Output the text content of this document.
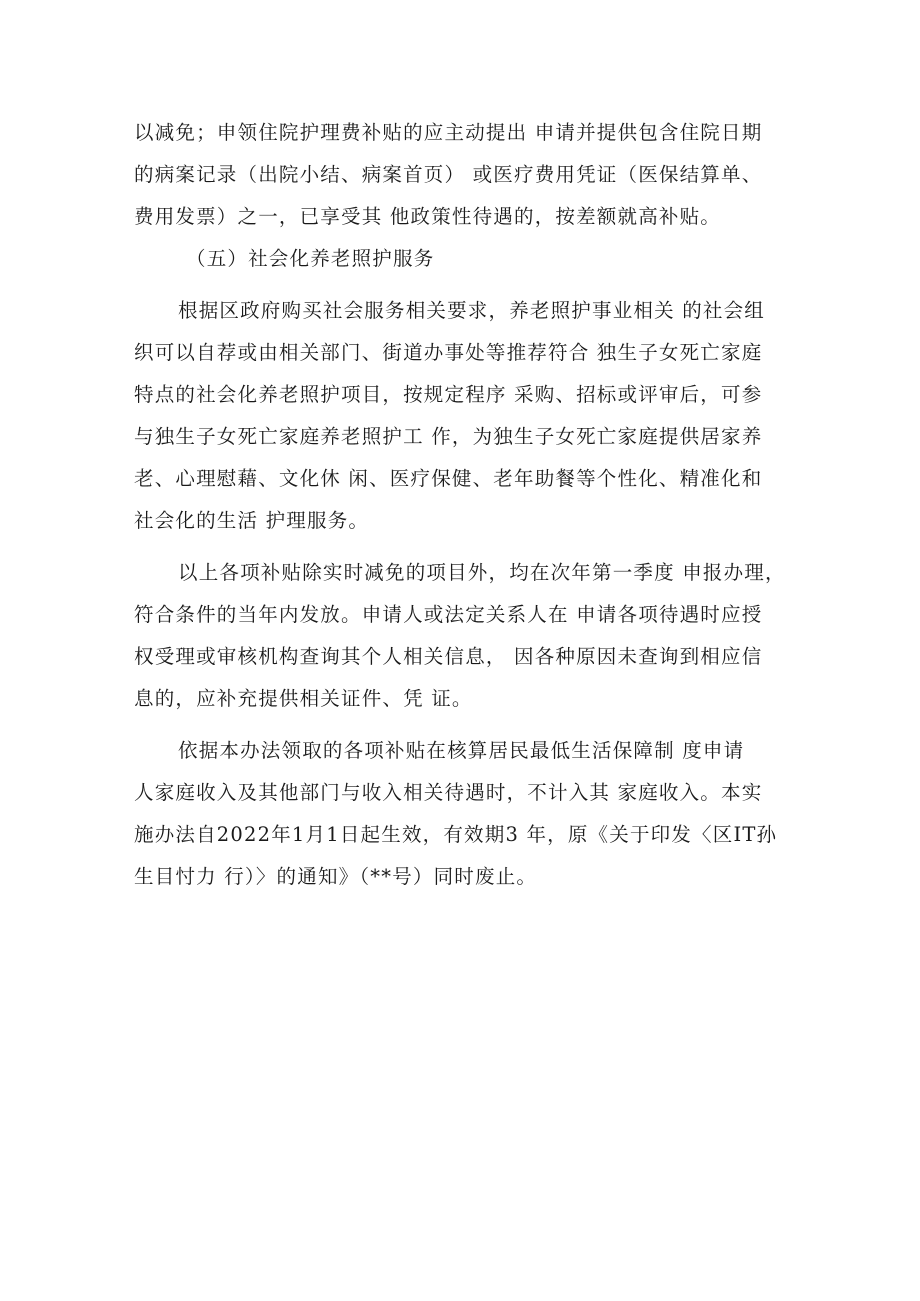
以减免；申领住院护理费补贴的应主动提出 申请并提供包含住院日期

的病案记录（出院小结、病案首页） 或医疗费用凭证（医保结算单、

费用发票）之一，已享受其 他政策性待遇的，按差额就高补贴。

（五）社会化养老照护服务

根据区政府购买社会服务相关要求，养老照护事业相关 的社会组

织可以自荐或由相关部门、街道办事处等推荐符合 独生子女死亡家庭

特点的社会化养老照护项目，按规定程序 采购、招标或评审后，可参

与独生子女死亡家庭养老照护工 作，为独生子女死亡家庭提供居家养

老、心理慰藉、文化休 闲、医疗保健、老年助餐等个性化、精准化和

社会化的生活 护理服务。

以上各项补贴除实时减免的项目外，均在次年第一季度 申报办理，

符合条件的当年内发放。申请人或法定关系人在 申请各项待遇时应授

权受理或审核机构查询其个人相关信息， 因各种原因未查询到相应信

息的，应补充提供相关证件、凭 证。

依据本办法领取的各项补贴在核算居民最低生活保障制 度申请

人家庭收入及其他部门与收入相关待遇时，不计入其 家庭收入。本实

施办法自2022年1月1日起生效，有效期3 年，原《关于印发〈区IT孙

生目忖力 行）〉的通知》（**号）同时废止。
